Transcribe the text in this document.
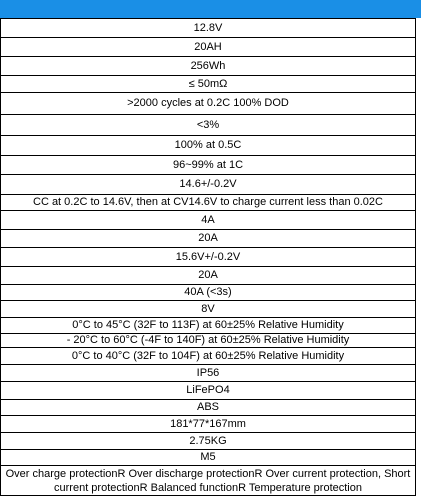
12.8V
20AH
256Wh
≤ 50mΩ
>2000 cycles at 0.2C 100% DOD
<3%
100% at 0.5C
96~99% at 1C
14.6+/-0.2V
CC at 0.2C to 14.6V, then at CV14.6V to charge current less than 0.02C
4A
20A
15.6V+/-0.2V
20A
40A (<3s)
8V
0°C to 45°C (32F to 113F) at 60±25% Relative Humidity
- 20°C to 60°C (-4F to 140F) at 60±25% Relative Humidity
0°C to 40°C (32F to 104F) at 60±25% Relative Humidity
IP56
LiFePO4
ABS
181*77*167mm
2.75KG
M5
Over charge protectionR Over discharge protectionR Over current protection, Short current protectionR Balanced functionR Temperature protection
